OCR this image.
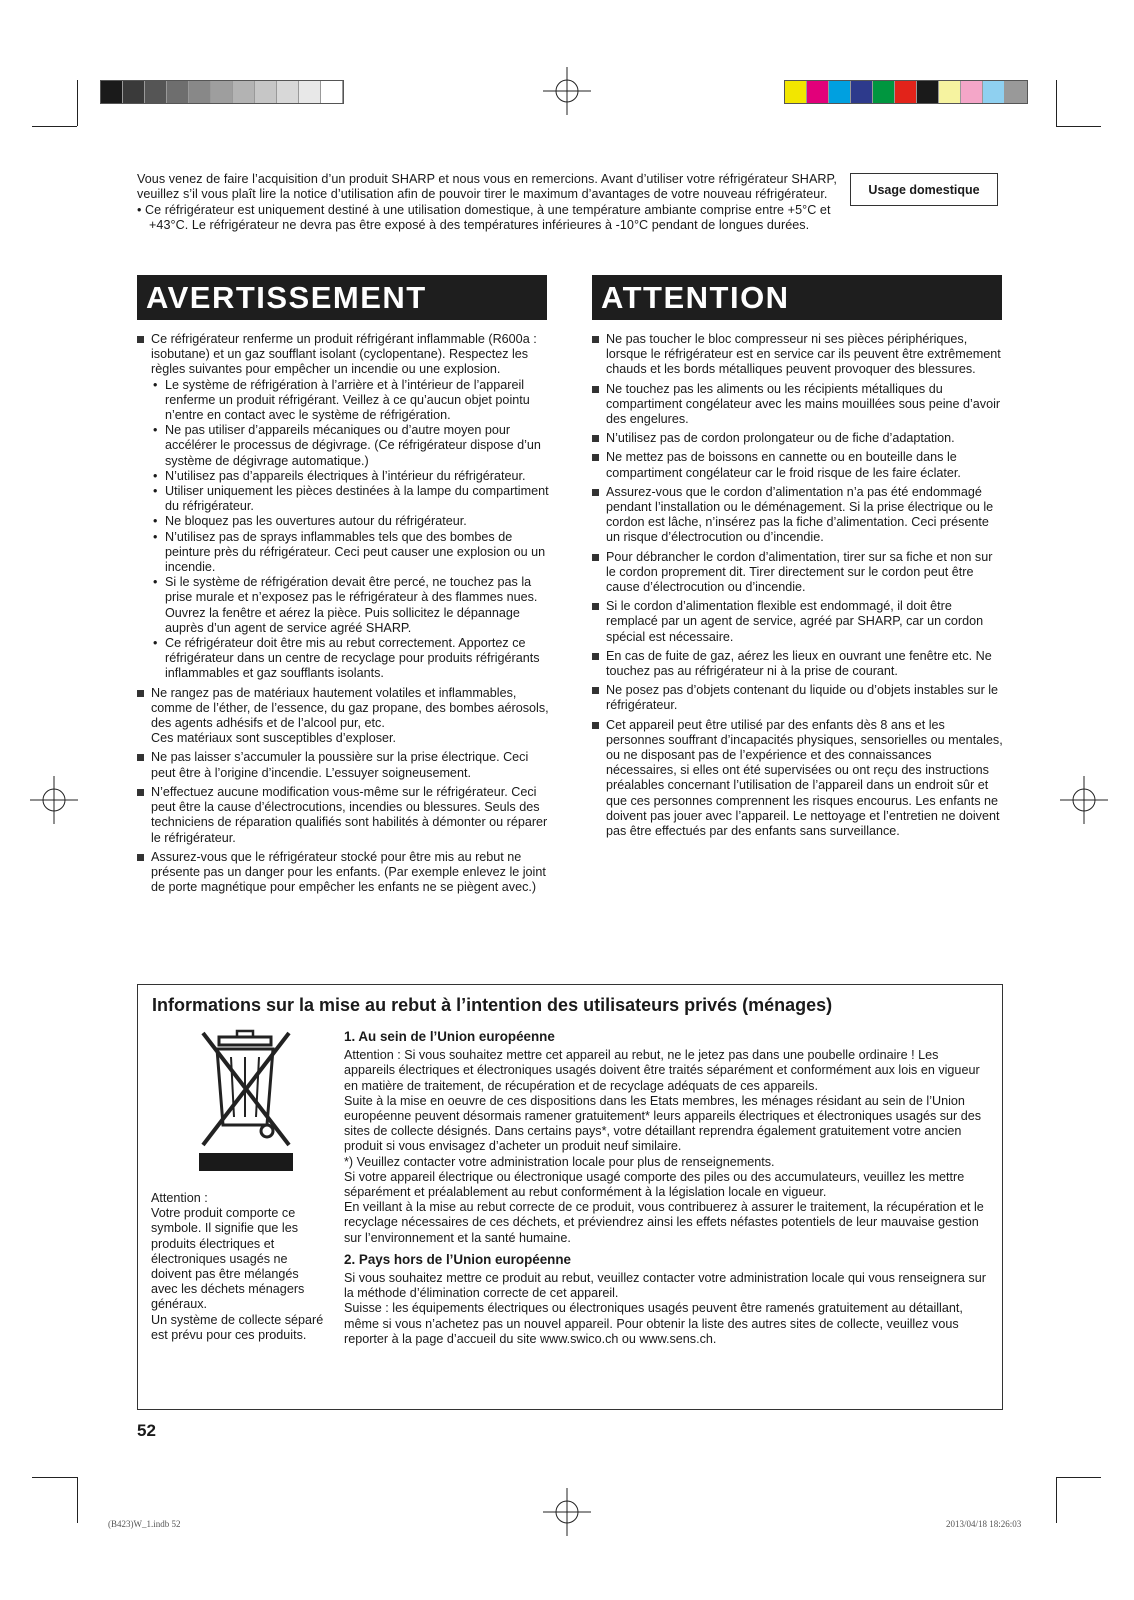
Vous venez de faire l’acquisition d’un produit SHARP et nous vous en remercions. Avant d’utiliser votre réfrigérateur SHARP, veuillez s’il vous plaît lire la notice d’utilisation afin de pouvoir tirer le maximum d’avantages de votre nouveau réfrigérateur.

• Ce réfrigérateur est uniquement destiné à une utilisation domestique, à une température ambiante comprise entre +5°C et +43°C. Le réfrigérateur ne devra pas être exposé à des températures inférieures à -10°C pendant de longues durées.

Usage domestique
AVERTISSEMENT	ATTENTION
Ce réfrigérateur renferme un produit réfrigérant inflammable (R600a : isobutane) et un gaz soufflant isolant (cyclopentane). Respectez les règles suivantes pour empêcher un incendie ou une explosion.
• Le système de réfrigération à l’arrière et à l’intérieur de l’appareil renferme un produit réfrigérant. Veillez à ce qu’aucun objet pointu n’entre en contact avec le système de réfrigération.
• Ne pas utiliser d’appareils mécaniques ou d’autre moyen pour accélérer le processus de dégivrage. (Ce réfrigérateur dispose d’un système de dégivrage automatique.)
• N’utilisez pas d’appareils électriques à l’intérieur du réfrigérateur.
• Utiliser uniquement les pièces destinées à la lampe du compartiment du réfrigérateur.
• Ne bloquez pas les ouvertures autour du réfrigérateur.
• N’utilisez pas de sprays inflammables tels que des bombes de peinture près du réfrigérateur. Ceci peut causer une explosion ou un incendie.
• Si le système de réfrigération devait être percé, ne touchez pas la prise murale et n’exposez pas le réfrigérateur à des flammes nues. Ouvrez la fenêtre et aérez la pièce. Puis sollicitez le dépannage auprès d’un agent de service agréé SHARP.
• Ce réfrigérateur doit être mis au rebut correctement. Apportez ce réfrigérateur dans un centre de recyclage pour produits réfrigérants inflammables et gaz soufflants isolants.
Ne rangez pas de matériaux hautement volatiles et inflammables, comme de l’éther, de l’essence, du gaz propane, des bombes aérosols, des agents adhésifs et de l’alcool pur, etc.
Ces matériaux sont susceptibles d’exploser.
Ne pas laisser s’accumuler la poussière sur la prise électrique. Ceci peut être à l’origine d’incendie. L’essuyer soigneusement.
N’effectuez aucune modification vous-même sur le réfrigérateur. Ceci peut être la cause d’électrocutions, incendies ou blessures. Seuls des techniciens de réparation qualifiés sont habilités à démonter ou réparer le réfrigérateur.
Assurez-vous que le réfrigérateur stocké pour être mis au rebut ne présente pas un danger pour les enfants. (Par exemple enlevez le joint de porte magnétique pour empêcher les enfants ne se piègent avec.)
Ne pas toucher le bloc compresseur ni ses pièces périphériques, lorsque le réfrigérateur est en service car ils peuvent être extrêmement chauds et les bords métalliques peuvent provoquer des blessures.
Ne touchez pas les aliments ou les récipients métalliques du compartiment congélateur avec les mains mouillées sous peine d’avoir des engelures.
N’utilisez pas de cordon prolongateur ou de fiche d’adaptation.
Ne mettez pas de boissons en cannette ou en bouteille dans le compartiment congélateur car le froid risque de les faire éclater.
Assurez-vous que le cordon d’alimentation n’a pas été endommagé pendant l’installation ou le déménagement. Si la prise électrique ou le cordon est lâche, n’insérez pas la fiche d’alimentation. Ceci présente un risque d’électrocution ou d’incendie.
Pour débrancher le cordon d’alimentation, tirer sur sa fiche et non sur le cordon proprement dit. Tirer directement sur le cordon peut être cause d’électrocution ou d’incendie.
Si le cordon d’alimentation flexible est endommagé, il doit être remplacé par un agent de service, agréé par SHARP, car un cordon spécial est nécessaire.
En cas de fuite de gaz, aérez les lieux en ouvrant une fenêtre etc. Ne touchez pas au réfrigérateur ni à la prise de courant.
Ne posez pas d’objets contenant du liquide ou d’objets instables sur le réfrigérateur.
Cet appareil peut être utilisé par des enfants dès 8 ans et les personnes souffrant d’incapacités physiques, sensorielles ou mentales, ou ne disposant pas de l’expérience et des connaissances nécessaires, si elles ont été supervisées ou ont reçu des instructions préalables concernant l’utilisation de l’appareil dans un endroit sûr et que ces personnes comprennent les risques encourus. Les enfants ne doivent pas jouer avec l’appareil. Le nettoyage et l’entretien ne doivent pas être effectués par des enfants sans surveillance.
Informations sur la mise au rebut à l’intention des utilisateurs privés (ménages)
Attention :
Votre produit comporte ce symbole. Il signifie que les produits électriques et électroniques usagés ne doivent pas être mélangés avec les déchets ménagers généraux.
Un système de collecte séparé est prévu pour ces produits.
1. Au sein de l’Union européenne

Attention : Si vous souhaitez mettre cet appareil au rebut, ne le jetez pas dans une poubelle ordinaire ! Les appareils électriques et électroniques usagés doivent être traités séparément et conformément aux lois en vigueur en matière de traitement, de récupération et de recyclage adéquats de ces appareils.

Suite à la mise en oeuvre de ces dispositions dans les Etats membres, les ménages résidant au sein de l’Union européenne peuvent désormais ramener gratuitement* leurs appareils électriques et électroniques usagés sur des sites de collecte désignés. Dans certains pays*, votre détaillant reprendra également gratuitement votre ancien produit si vous envisagez d’acheter un produit neuf similaire.

*) Veuillez contacter votre administration locale pour plus de renseignements.

Si votre appareil électrique ou électronique usagé comporte des piles ou des accumulateurs, veuillez les mettre séparément et préalablement au rebut conformément à la législation locale en vigueur.

En veillant à la mise au rebut correcte de ce produit, vous contribuerez à assurer le traitement, la récupération et le recyclage nécessaires de ces déchets, et préviendrez ainsi les effets néfastes potentiels de leur mauvaise gestion sur l’environnement et la santé humaine.

2. Pays hors de l’Union européenne

Si vous souhaitez mettre ce produit au rebut, veuillez contacter votre administration locale qui vous renseignera sur la méthode d’élimination correcte de cet appareil.

Suisse : les équipements électriques ou électroniques usagés peuvent être ramenés gratuitement au détaillant, même si vous n’achetez pas un nouvel appareil. Pour obtenir la liste des autres sites de collecte, veuillez vous reporter à la page d’accueil du site www.swico.ch ou www.sens.ch.

52
(B423)W_1.indb 52	2013/04/18 18:26:03
